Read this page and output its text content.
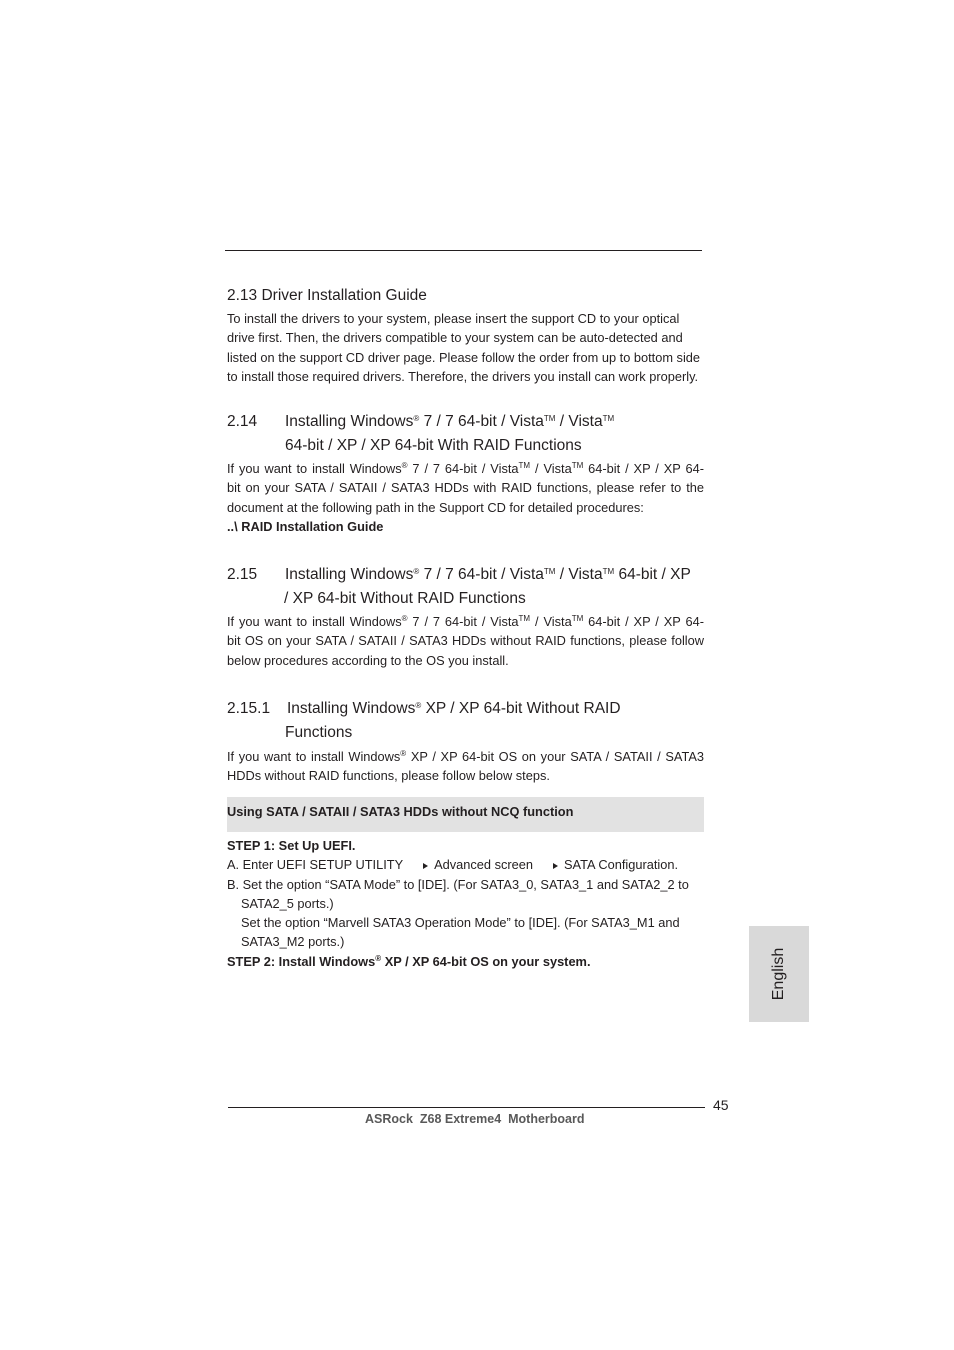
2.13 Driver Installation Guide
To install the drivers to your system, please insert the support CD to your optical
drive first. Then, the drivers compatible to your system can be auto-detected and
listed on the support CD driver page. Please follow the order from up to bottom side
to install those required drivers. Therefore, the drivers you install can work properly.
2.14 Installing Windows® 7 / 7 64-bit / Vista™ / Vista™
64-bit / XP / XP 64-bit With RAID Functions
If you want to install Windows® 7 / 7 64-bit / Vista™ / Vista™ 64-bit / XP / XP 64-
bit on your SATA / SATAII / SATA3 HDDs with RAID functions, please refer to the
document at the following path in the Support CD for detailed procedures:
..\ RAID Installation Guide
2.15 Installing Windows® 7 / 7 64-bit / Vista™ / Vista™ 64-bit / XP
/ XP 64-bit Without RAID Functions
If you want to install Windows® 7 / 7 64-bit / Vista™ / Vista™ 64-bit / XP / XP 64-
bit OS on your SATA / SATAII / SATA3 HDDs without RAID functions, please follow
below procedures according to the OS you install.
2.15.1 Installing Windows® XP / XP 64-bit Without RAID
Functions
If you want to install Windows® XP / XP 64-bit OS on your SATA / SATAII / SATA3
HDDs without RAID functions, please follow below steps.
Using SATA / SATAII / SATA3 HDDs without NCQ function
STEP 1: Set Up UEFI.
A. Enter UEFI SETUP UTILITY Advanced screen SATA Configuration.
B. Set the option “SATA Mode” to [IDE]. (For SATA3_0, SATA3_1 and SATA2_2 to
SATA2_5 ports.)
Set the option “Marvell SATA3 Operation Mode” to [IDE]. (For SATA3_M1 and
SATA3_M2 ports.)
STEP 2: Install Windows® XP / XP 64-bit OS on your system.	English
45
ASRock  Z68 Extreme4  Motherboard
